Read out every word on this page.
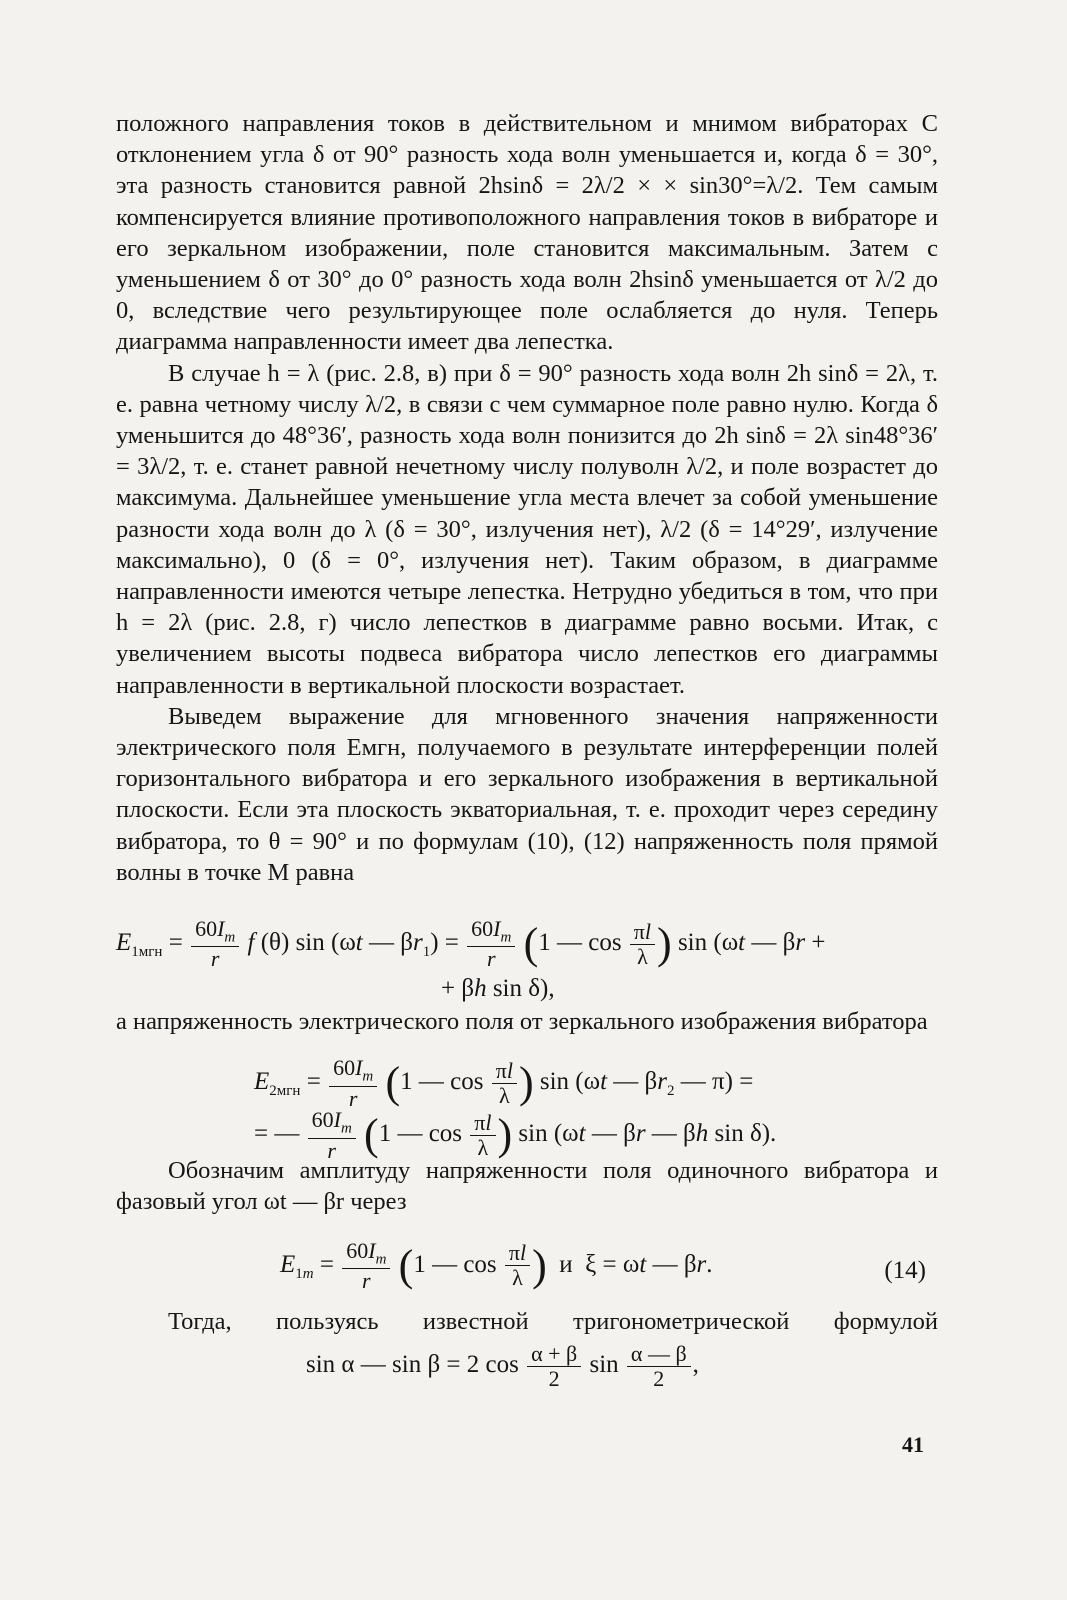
положного направления токов в действительном и мнимом вибраторах С отклонением угла δ от 90° разность хода волн уменьшается и, когда δ = 30°, эта разность становится равной 2hsinδ = 2λ/2 × × sin30°=λ/2. Тем самым компенсируется влияние противоположного направления токов в вибраторе и его зеркальном изображении, поле становится максимальным. Затем с уменьшением δ от 30° до 0° разность хода волн 2hsinδ уменьшается от λ/2 до 0, вследствие чего результирующее поле ослабляется до нуля. Теперь диаграмма направленности имеет два лепестка.

В случае h = λ (рис. 2.8, в) при δ = 90° разность хода волн 2h sinδ = 2λ, т. е. равна четному числу λ/2, в связи с чем суммарное поле равно нулю. Когда δ уменьшится до 48°36′, разность хода волн понизится до 2h sinδ = 2λ sin48°36′ = 3λ/2, т. е. станет равной нечетному числу полуволн λ/2, и поле возрастет до максимума. Дальнейшее уменьшение угла места влечет за собой уменьшение разности хода волн до λ (δ = 30°, излучения нет), λ/2 (δ = 14°29′, излучение максимально), 0 (δ = 0°, излучения нет). Таким образом, в диаграмме направленности имеются четыре лепестка. Нетрудно убедиться в том, что при h = 2λ (рис. 2.8, г) число лепестков в диаграмме равно восьми. Итак, с увеличением высоты подвеса вибратора число лепестков его диаграммы направленности в вертикальной плоскости возрастает.

Выведем выражение для мгновенного значения напряженности электрического поля Eмгн, получаемого в результате интерференции полей горизонтального вибратора и его зеркального изображения в вертикальной плоскости. Если эта плоскость экваториальная, т. е. проходит через середину вибратора, то θ = 90° и по формулам (10), (12) напряженность поля прямой волны в точке M равна

$E_{1мгн} = \frac{60I_m}{r}$ f (θ) sin (ωt — $\beta r_1) = \frac{60I_m}{r} (1$ — $\cos \frac{\pi l}{\lambda}$ ) sin (ωt — βr +
+ βh sin δ),

а напряженность электрического поля от зеркального изображения вибратора

$E_{2мгн} = \frac{60I_m}{r} (1$ — $\cos \frac{\pi l}{\lambda}$ ) sin (ωt — $\beta r_2$ — π) =
= — $\frac{60I_m}{r} (1$ — $\cos \frac{\pi l}{\lambda}$ ) sin (ωt — βr — βh sin δ).

Обозначим амплитуду напряженности поля одиночного вибратора и фазовый угол ωt — βr через

$E_{1m} = \frac{60I_m}{r} (1$ — $\cos \frac{\pi l}{\lambda}$ )  и  ξ = ωt — βr.	(14)

Тогда, пользуясь известной тригонометрической формулой

sin α — sin β = 2 $\cos \frac{\alpha + \beta}{2}$ $\sin \frac{\alpha — \beta}{2}$ ,
41
